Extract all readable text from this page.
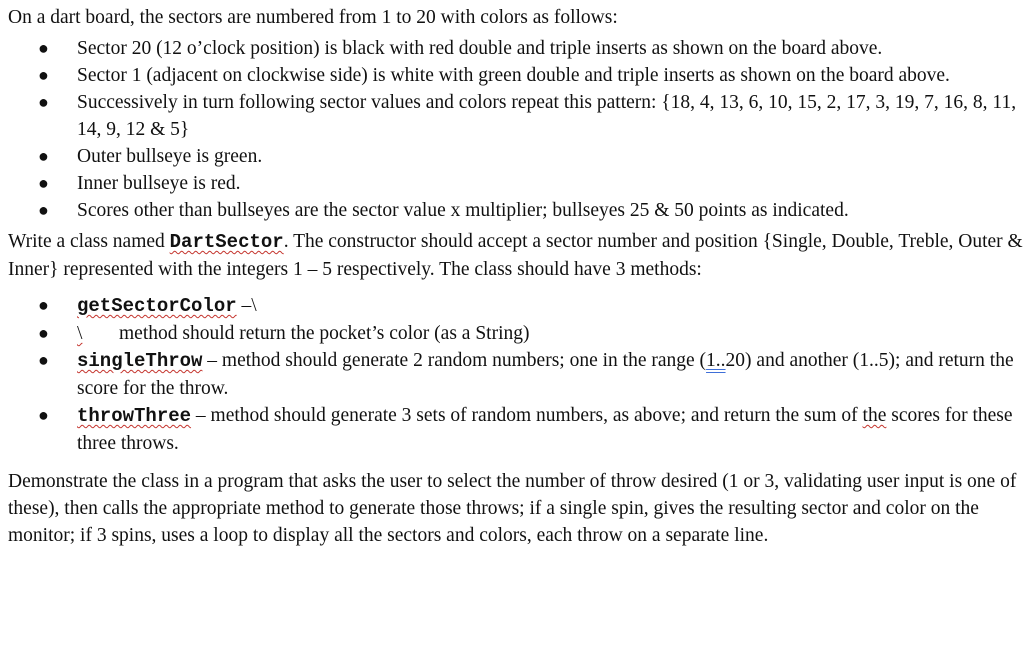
On a dart board, the sectors are numbered from 1 to 20 with colors as follows:

● Sector 20 (12 o’clock position) is black with red double and triple inserts as shown on the board above.
● Sector 1 (adjacent on clockwise side) is white with green double and triple inserts as shown on the board above.
● Successively in turn following sector values and colors repeat this pattern: {18, 4, 13, 6, 10, 15, 2, 17, 3, 19, 7, 16, 8, 11, 14, 9, 12 & 5}
● Outer bullseye is green.
● Inner bullseye is red.
● Scores other than bullseyes are the sector value x multiplier; bullseyes 25 & 50 points as indicated.

Write a class named DartSector. The constructor should accept a sector number and position {Single, Double, Treble, Outer & Inner} represented with the integers 1 – 5 respectively. The class should have 3 methods:

● getSectorColor –\
● \ method should return the pocket’s color (as a String)
● singleThrow – method should generate 2 random numbers; one in the range (1..20) and another (1..5); and return the score for the throw.
● throwThree – method should generate 3 sets of random numbers, as above; and return the sum of the scores for these three throws.

Demonstrate the class in a program that asks the user to select the number of throw desired (1 or 3, validating user input is one of these), then calls the appropriate method to generate those throws; if a single spin, gives the resulting sector and color on the monitor; if 3 spins, uses a loop to display all the sectors and colors, each throw on a separate line.
